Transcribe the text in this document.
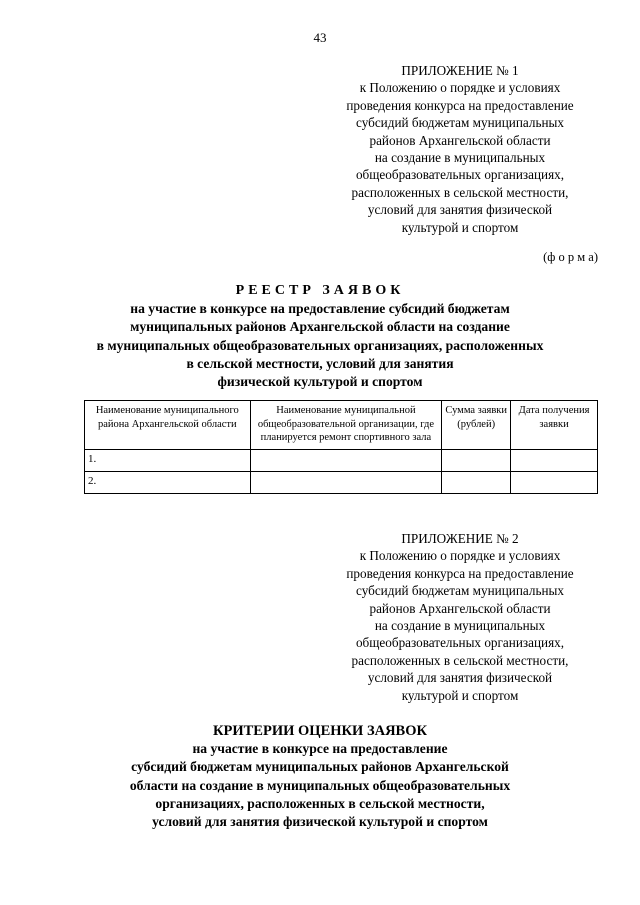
43
ПРИЛОЖЕНИЕ № 1
к Положению о порядке и условиях
проведения конкурса на предоставление
субсидий бюджетам муниципальных
районов Архангельской области
на создание в муниципальных
общеобразовательных организациях,
расположенных в сельской местности,
условий для занятия физической
культурой и спортом
(ф о р м а)
РЕЕСТР ЗАЯВОК
на участие в конкурсе на предоставление субсидий бюджетам
муниципальных районов Архангельской области на создание
в муниципальных общеобразовательных организациях, расположенных
в сельской местности, условий для занятия
физической культурой и спортом
Наименование муниципального района Архангельской области	Наименование муниципальной общеобразовательной организации, где планируется ремонт спортивного зала	Сумма заявки (рублей)	Дата получения заявки
1.			
2.			
ПРИЛОЖЕНИЕ № 2
к Положению о порядке и условиях
проведения конкурса на предоставление
субсидий бюджетам муниципальных
районов Архангельской области
на создание в муниципальных
общеобразовательных организациях,
расположенных в сельской местности,
условий для занятия физической
культурой и спортом
КРИТЕРИИ ОЦЕНКИ ЗАЯВОК
на участие в конкурсе на предоставление
субсидий бюджетам муниципальных районов Архангельской
области на создание в муниципальных общеобразовательных
организациях, расположенных в сельской местности,
условий для занятия физической культурой и спортом
